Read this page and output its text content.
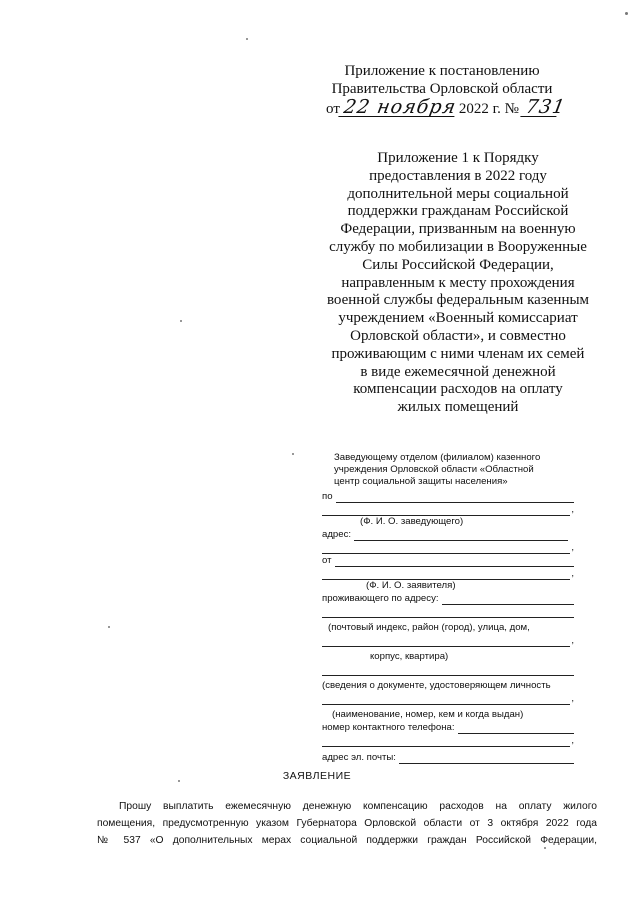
Приложение к постановлению
Правительства Орловской области
от 22 ноября 2022 г. № 731
Приложение 1 к Порядку
предоставления в 2022 году
дополнительной меры социальной
поддержки гражданам Российской
Федерации, призванным на военную
службу по мобилизации в Вооруженные
Силы Российской Федерации,
направленным к месту прохождения
военной службы федеральным казенным
учреждением «Военный комиссариат
Орловской области», и совместно
проживающим с ними членам их семей
в виде ежемесячной денежной
компенсации расходов на оплату
жилых помещений
Заведующему отделом (филиалом) казенного
учреждения Орловской области «Областной
центр социальной защиты населения»
по
,
(Ф. И. О. заведующего)
адрес:
,
от
,
(Ф. И. О. заявителя)
проживающего по адресу:
(почтовый индекс, район (город), улица, дом,
,
корпус, квартира)
(сведения о документе, удостоверяющем личность
,
(наименование, номер, кем и когда выдан)
номер контактного телефона:
,
адрес эл. почты:
ЗАЯВЛЕНИЕ

Прошу выплатить ежемесячную денежную компенсацию расходов на оплату жилого

помещения, предусмотренную указом Губернатора Орловской области от 3 октября 2022 года

№ 537 «О дополнительных мерах социальной поддержки граждан Российской Федерации,
